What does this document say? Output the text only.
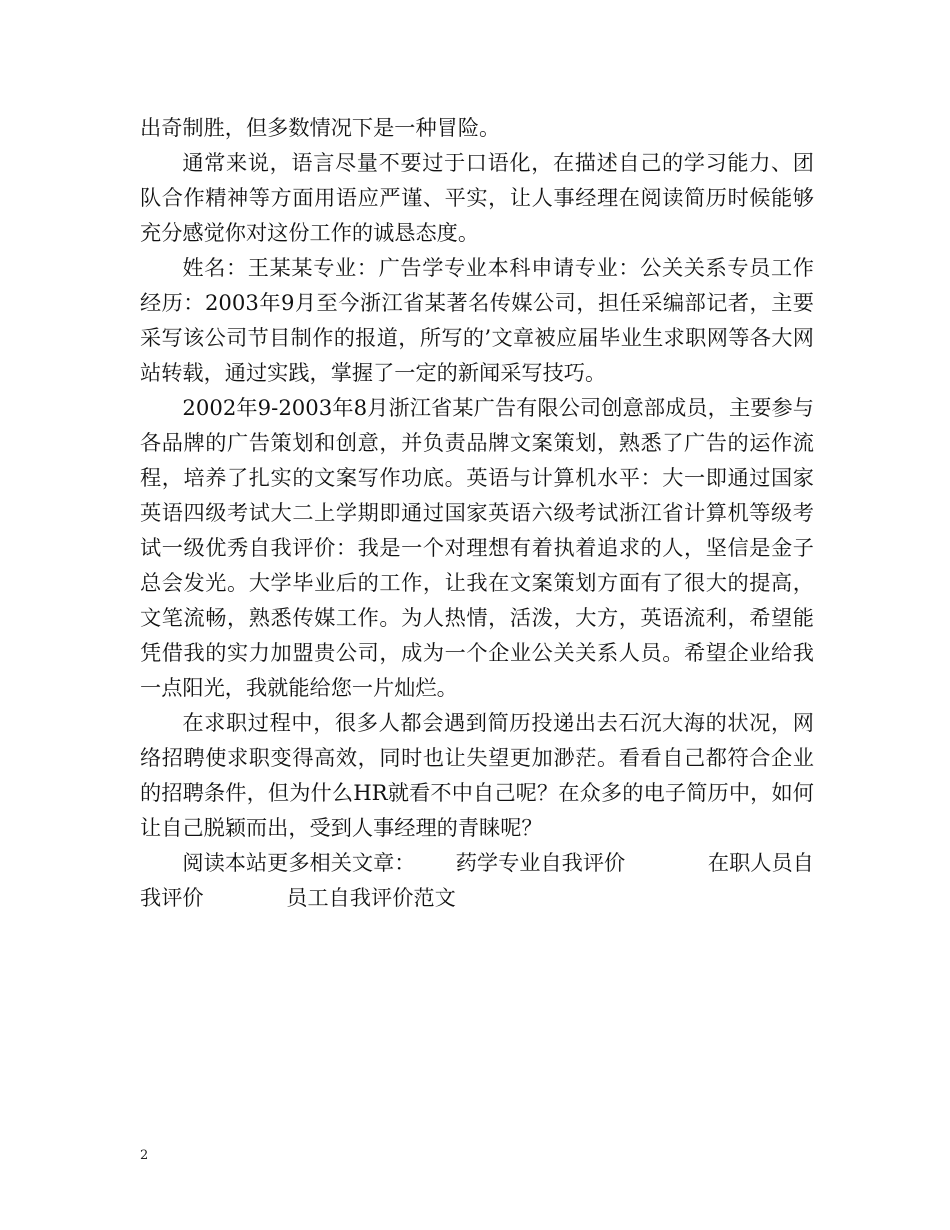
出奇制胜，但多数情况下是一种冒险。

通常来说，语言尽量不要过于口语化，在描述自己的学习能力、团队合作精神等方面用语应严谨、平实，让人事经理在阅读简历时候能够充分感觉你对这份工作的诚恳态度。

姓名：王某某专业：广告学专业本科申请专业：公关关系专员工作经历：2003年9月至今浙江省某著名传媒公司，担任采编部记者，主要采写该公司节目制作的报道，所写的’文章被应届毕业生求职网等各大网站转载，通过实践，掌握了一定的新闻采写技巧。

2002年9-2003年8月浙江省某广告有限公司创意部成员，主要参与各品牌的广告策划和创意，并负责品牌文案策划，熟悉了广告的运作流程，培养了扎实的文案写作功底。英语与计算机水平：大一即通过国家英语四级考试大二上学期即通过国家英语六级考试浙江省计算机等级考试一级优秀自我评价：我是一个对理想有着执着追求的人，坚信是金子总会发光。大学毕业后的工作，让我在文案策划方面有了很大的提高，文笔流畅，熟悉传媒工作。为人热情，活泼，大方，英语流利，希望能凭借我的实力加盟贵公司，成为一个企业公关关系人员。希望企业给我一点阳光，我就能给您一片灿烂。

在求职过程中，很多人都会遇到简历投递出去石沉大海的状况，网络招聘使求职变得高效，同时也让失望更加渺茫。看看自己都符合企业的招聘条件，但为什么HR就看不中自己呢？在众多的电子简历中，如何让自己脱颖而出，受到人事经理的青睐呢？

阅读本站更多相关文章： 药学专业自我评价	在职人员自我评价	员工自我评价范文

2
